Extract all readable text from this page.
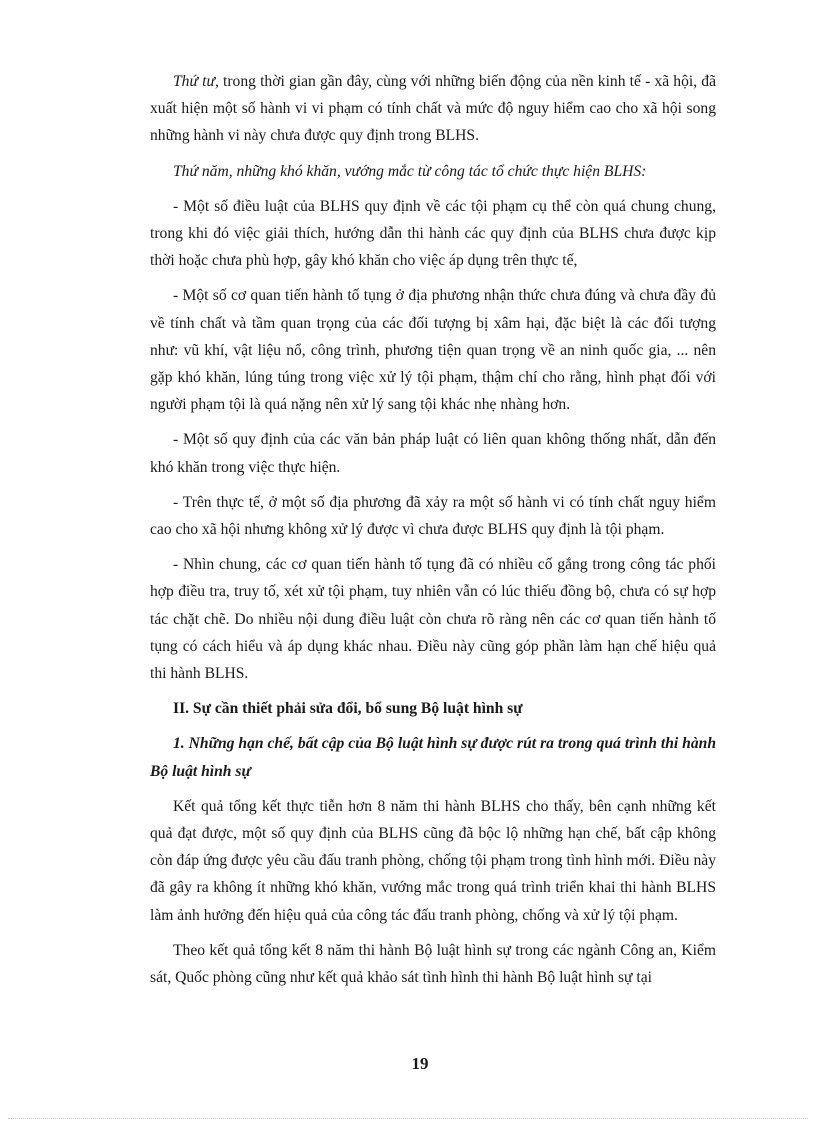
Thứ tư, trong thời gian gần đây, cùng với những biến động của nền kinh tế - xã hội, đã xuất hiện một số hành vi vi phạm có tính chất và mức độ nguy hiểm cao cho xã hội song những hành vi này chưa được quy định trong BLHS.

Thứ năm, những khó khăn, vướng mắc từ công tác tổ chức thực hiện BLHS:

- Một số điều luật của BLHS quy định về các tội phạm cụ thể còn quá chung chung, trong khi đó việc giải thích, hướng dẫn thi hành các quy định của BLHS chưa được kịp thời hoặc chưa phù hợp, gây khó khăn cho việc áp dụng trên thực tế,

- Một số cơ quan tiến hành tố tụng ở địa phương nhận thức chưa đúng và chưa đầy đủ về tính chất và tầm quan trọng của các đối tượng bị xâm hại, đặc biệt là các đối tượng như: vũ khí, vật liệu nổ, công trình, phương tiện quan trọng về an ninh quốc gia, ... nên gặp khó khăn, lúng túng trong việc xử lý tội phạm, thậm chí cho rằng, hình phạt đối với người phạm tội là quá nặng nên xử lý sang tội khác nhẹ nhàng hơn.

- Một số quy định của các văn bản pháp luật có liên quan không thống nhất, dẫn đến khó khăn trong việc thực hiện.

- Trên thực tế, ở một số địa phương đã xảy ra một số hành vi có tính chất nguy hiểm cao cho xã hội nhưng không xử lý được vì chưa được BLHS quy định là tội phạm.

- Nhìn chung, các cơ quan tiến hành tố tụng đã có nhiều cố gắng trong công tác phối hợp điều tra, truy tố, xét xử tội phạm, tuy nhiên vẫn có lúc thiếu đồng bộ, chưa có sự hợp tác chặt chẽ. Do nhiều nội dung điều luật còn chưa rõ ràng nên các cơ quan tiến hành tố tụng có cách hiểu và áp dụng khác nhau. Điều này cũng góp phần làm hạn chế hiệu quả thi hành BLHS.

II. Sự cần thiết phải sửa đổi, bổ sung Bộ luật hình sự

1. Những hạn chế, bất cập của Bộ luật hình sự được rút ra trong quá trình thi hành Bộ luật hình sự

Kết quả tổng kết thực tiễn hơn 8 năm thi hành BLHS cho thấy, bên cạnh những kết quả đạt được, một số quy định của BLHS cũng đã bộc lộ những hạn chế, bất cập không còn đáp ứng được yêu cầu đấu tranh phòng, chống tội phạm trong tình hình mới. Điều này đã gây ra không ít những khó khăn, vướng mắc trong quá trình triển khai thi hành BLHS làm ảnh hưởng đến hiệu quả của công tác đấu tranh phòng, chống và xử lý tội phạm.

Theo kết quả tổng kết 8 năm thi hành Bộ luật hình sự trong các ngành Công an, Kiểm sát, Quốc phòng cũng như kết quả khảo sát tình hình thi hành Bộ luật hình sự tại

19
